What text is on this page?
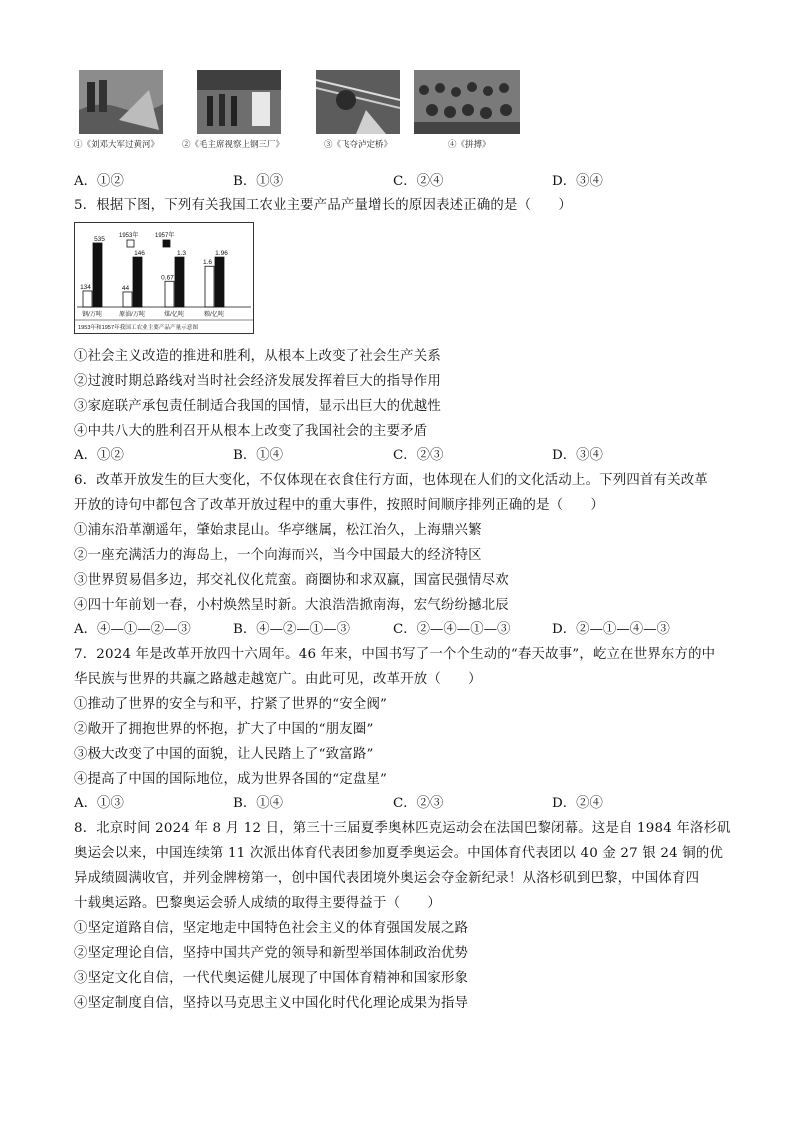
①《刘邓大军过黄河》	②《毛主席视察上钢三厂》	③《飞夺泸定桥》	④《拼搏》
A．①②	B．①③	C．②④	D．③④
5．根据下图，下列有关我国工农业主要产品产量增长的原因表述正确的是（　　）
134
535
钢/万吨
44
146
原油/万吨
0.67
1.3
煤/亿吨
1.6
1.96
粮/亿吨
1953年	1957年
1953年和1957年我国工农业主要产品产量示意图
①社会主义改造的推进和胜利，从根本上改变了社会生产关系
②过渡时期总路线对当时社会经济发展发挥着巨大的指导作用
③家庭联产承包责任制适合我国的国情，显示出巨大的优越性
④中共八大的胜利召开从根本上改变了我国社会的主要矛盾
A．①②	B．①④	C．②③	D．③④
6．改革开放发生的巨大变化，不仅体现在衣食住行方面，也体现在人们的文化活动上。下列四首有关改革
开放的诗句中都包含了改革开放过程中的重大事件，按照时间顺序排列正确的是（　　）
①浦东沿革潮遥年，肇始隶昆山。华亭继属，松江治久，上海鼎兴繁
②一座充满活力的海岛上，一个向海而兴，当今中国最大的经济特区
③世界贸易倡多边，邦交礼仪化荒蛮。商圈协和求双赢，国富民强情尽欢
④四十年前划一春，小村焕然呈时新。大浪浩浩掀南海，宏气纷纷撼北辰
A．④—①—②—③	B．④—②—①—③	C．②—④—①—③	D．②—①—④—③
7．2024 年是改革开放四十六周年。46 年来，中国书写了一个个生动的“春天故事”，屹立在世界东方的中
华民族与世界的共赢之路越走越宽广。由此可见，改革开放（　　）
①推动了世界的安全与和平，拧紧了世界的“安全阀”
②敞开了拥抱世界的怀抱，扩大了中国的“朋友圈”
③极大改变了中国的面貌，让人民踏上了“致富路”
④提高了中国的国际地位，成为世界各国的“定盘星”
A．①③	B．①④	C．②③	D．②④
8．北京时间 2024 年 8 月 12 日，第三十三届夏季奥林匹克运动会在法国巴黎闭幕。这是自 1984 年洛杉矶
奥运会以来，中国连续第 11 次派出体育代表团参加夏季奥运会。中国体育代表团以 40 金 27 银 24 铜的优
异成绩圆满收官，并列金牌榜第一，创中国代表团境外奥运会夺金新纪录！从洛杉矶到巴黎，中国体育四
十载奥运路。巴黎奥运会骄人成绩的取得主要得益于（　　）
①坚定道路自信，坚定地走中国特色社会主义的体育强国发展之路
②坚定理论自信，坚持中国共产党的领导和新型举国体制政治优势
③坚定文化自信，一代代奥运健儿展现了中国体育精神和国家形象
④坚定制度自信，坚持以马克思主义中国化时代化理论成果为指导
